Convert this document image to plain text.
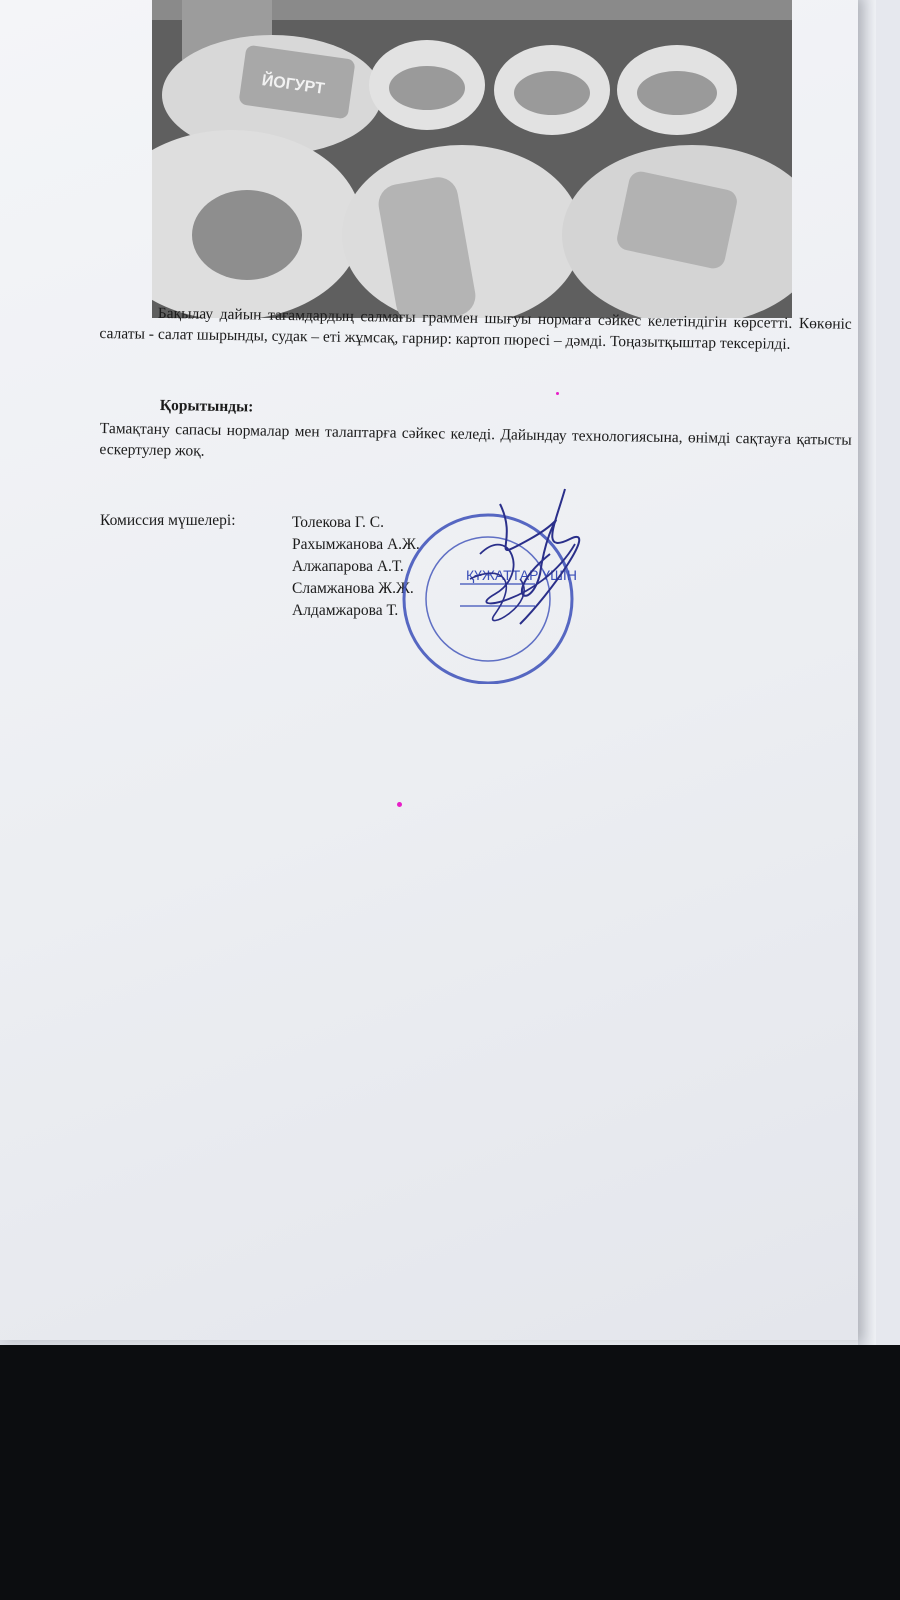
ЙОГУРТ
Бақылау дайын тағамдардың салмағы граммен шығуы нормаға сәйкес келетіндігін көрсетті. Көкөніс салаты - салат шырынды, судак – еті жұмсақ, гарнир: картоп пюресі – дәмді. Тоңазытқыштар тексерілді.
Қорытынды:
Тамақтану сапасы нормалар мен талаптарға сәйкес келеді. Дайындау технологиясына, өнімді сақтауға қатысты ескертулер жоқ.
Комиссия мүшелері:	Толекова Г. С.
Рахымжанова А.Ж.
Алжапарова А.Т.
Сламжанова Ж.Ж.
Алдамжарова Т.
ҚҰЖАТТАР ҮШІН
